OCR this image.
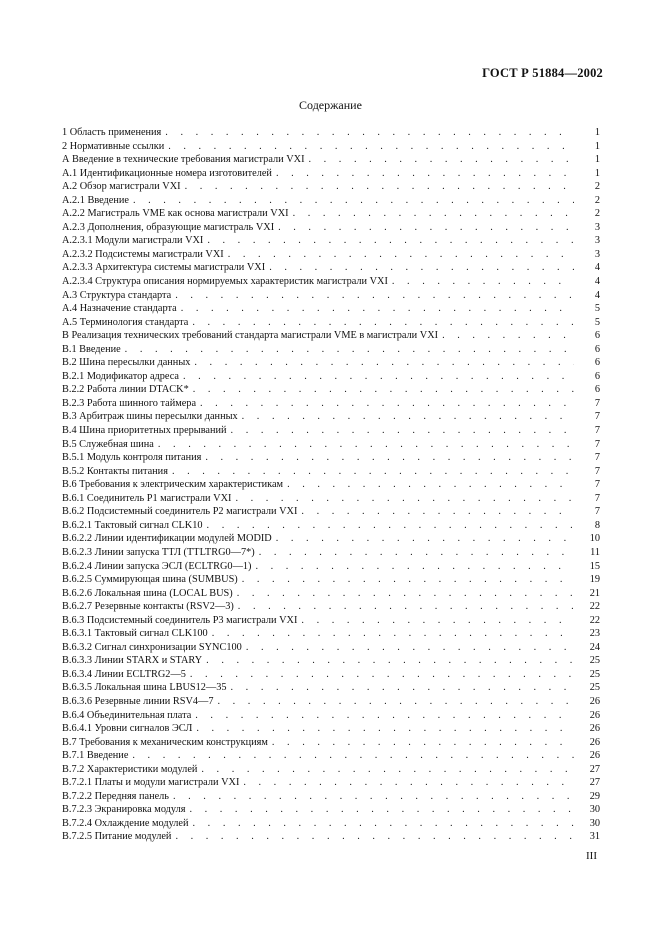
ГОСТ Р 51884—2002
Содержание
1 Область применения . . .	1
2 Нормативные ссылки . . .	1
А Введение в технические требования магистрали VXI . . .	1
А.1 Идентификационные номера изготовителей . . .	1
А.2 Обзор магистрали VXI . . .	2
А.2.1 Введение . . .	2
А.2.2 Магистраль VME как основа магистрали VXI . . .	2
А.2.3 Дополнения, образующие магистраль VXI . . .	3
А.2.3.1 Модули магистрали VXI . . .	3
А.2.3.2 Подсистемы магистрали VXI . . .	3
А.2.3.3 Архитектура системы магистрали VXI . . .	4
А.2.3.4 Структура описания нормируемых характеристик магистрали VXI . . .	4
А.3 Структура стандарта . . .	4
А.4 Назначение стандарта . . .	5
А.5 Терминология стандарта . . .	5
В Реализация технических требований стандарта магистрали VME в магистрали VXI . . .	6
В.1 Введение . . .	6
В.2 Шина пересылки данных . . .	6
В.2.1 Модификатор адреса . . .	6
В.2.2 Работа линии DTACK* . . .	6
В.2.3 Работа шинного таймера . . .	7
В.3 Арбитраж шины пересылки данных . . .	7
В.4 Шина приоритетных прерываний . . .	7
В.5 Служебная шина . . .	7
В.5.1 Модуль контроля питания . . .	7
В.5.2 Контакты питания . . .	7
В.6 Требования к электрическим характеристикам . . .	7
В.6.1 Соединитель Р1 магистрали VXI . . .	7
В.6.2 Подсистемный соединитель Р2 магистрали VXI . . .	7
В.6.2.1 Тактовый сигнал CLK10 . . .	8
В.6.2.2 Линии идентификации модулей MODID . . .	10
В.6.2.3 Линии запуска ТТЛ (TTLTRG0—7*) . . .	11
В.6.2.4 Линии запуска ЭСЛ (ECLTRG0—1) . . .	15
В.6.2.5 Суммирующая шина (SUMBUS) . . .	19
В.6.2.6 Локальная шина (LOCAL BUS) . . .	21
В.6.2.7 Резервные контакты (RSV2—3) . . .	22
В.6.3 Подсистемный соединитель Р3 магистрали VXI . . .	22
В.6.3.1 Тактовый сигнал CLK100 . . .	23
В.6.3.2 Сигнал синхронизации SYNC100 . . .	24
В.6.3.3 Линии STARX и STARY . . .	25
В.6.3.4 Линии ECLTRG2—5 . . .	25
В.6.3.5 Локальная шина LBUS12—35 . . .	25
В.6.3.6 Резервные линии RSV4—7 . . .	26
В.6.4 Объединительная плата . . .	26
В.6.4.1 Уровни сигналов ЭСЛ . . .	26
В.7 Требования к механическим конструкциям . . .	26
В.7.1 Введение . . .	26
В.7.2 Характеристики модулей . . .	27
В.7.2.1 Платы и модули магистрали VXI . . .	27
В.7.2.2 Передняя панель . . .	29
В.7.2.3 Экранировка модуля . . .	30
В.7.2.4 Охлаждение модулей . . .	30
В.7.2.5 Питание модулей . . .	31
III
